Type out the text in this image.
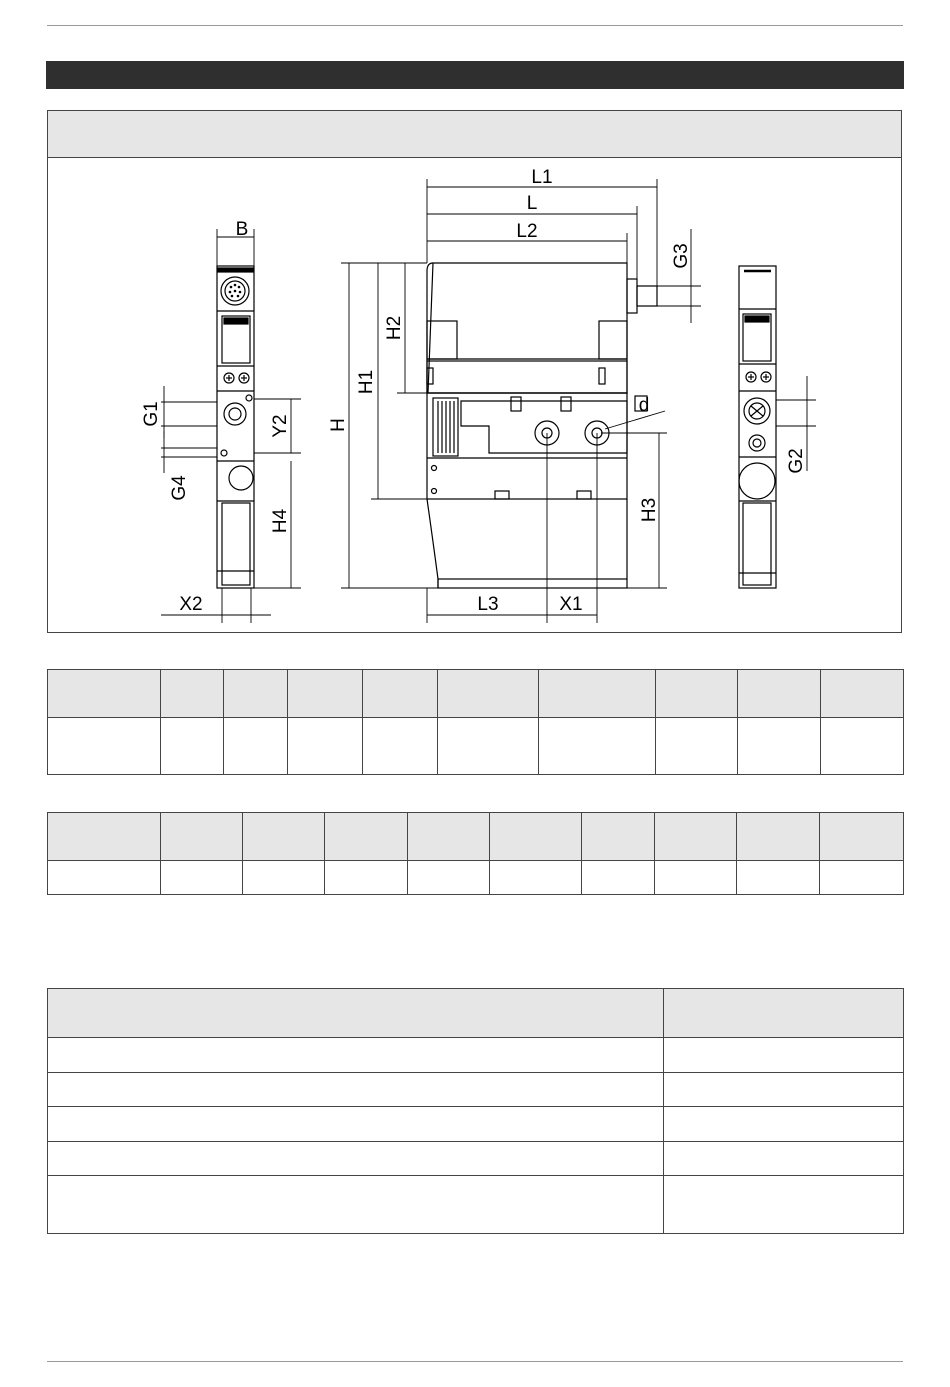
B
L1
L
L2
d
L3	X1
X2
G3
H2
H1
H
H3
G1	Y2
G4
H4
G2
